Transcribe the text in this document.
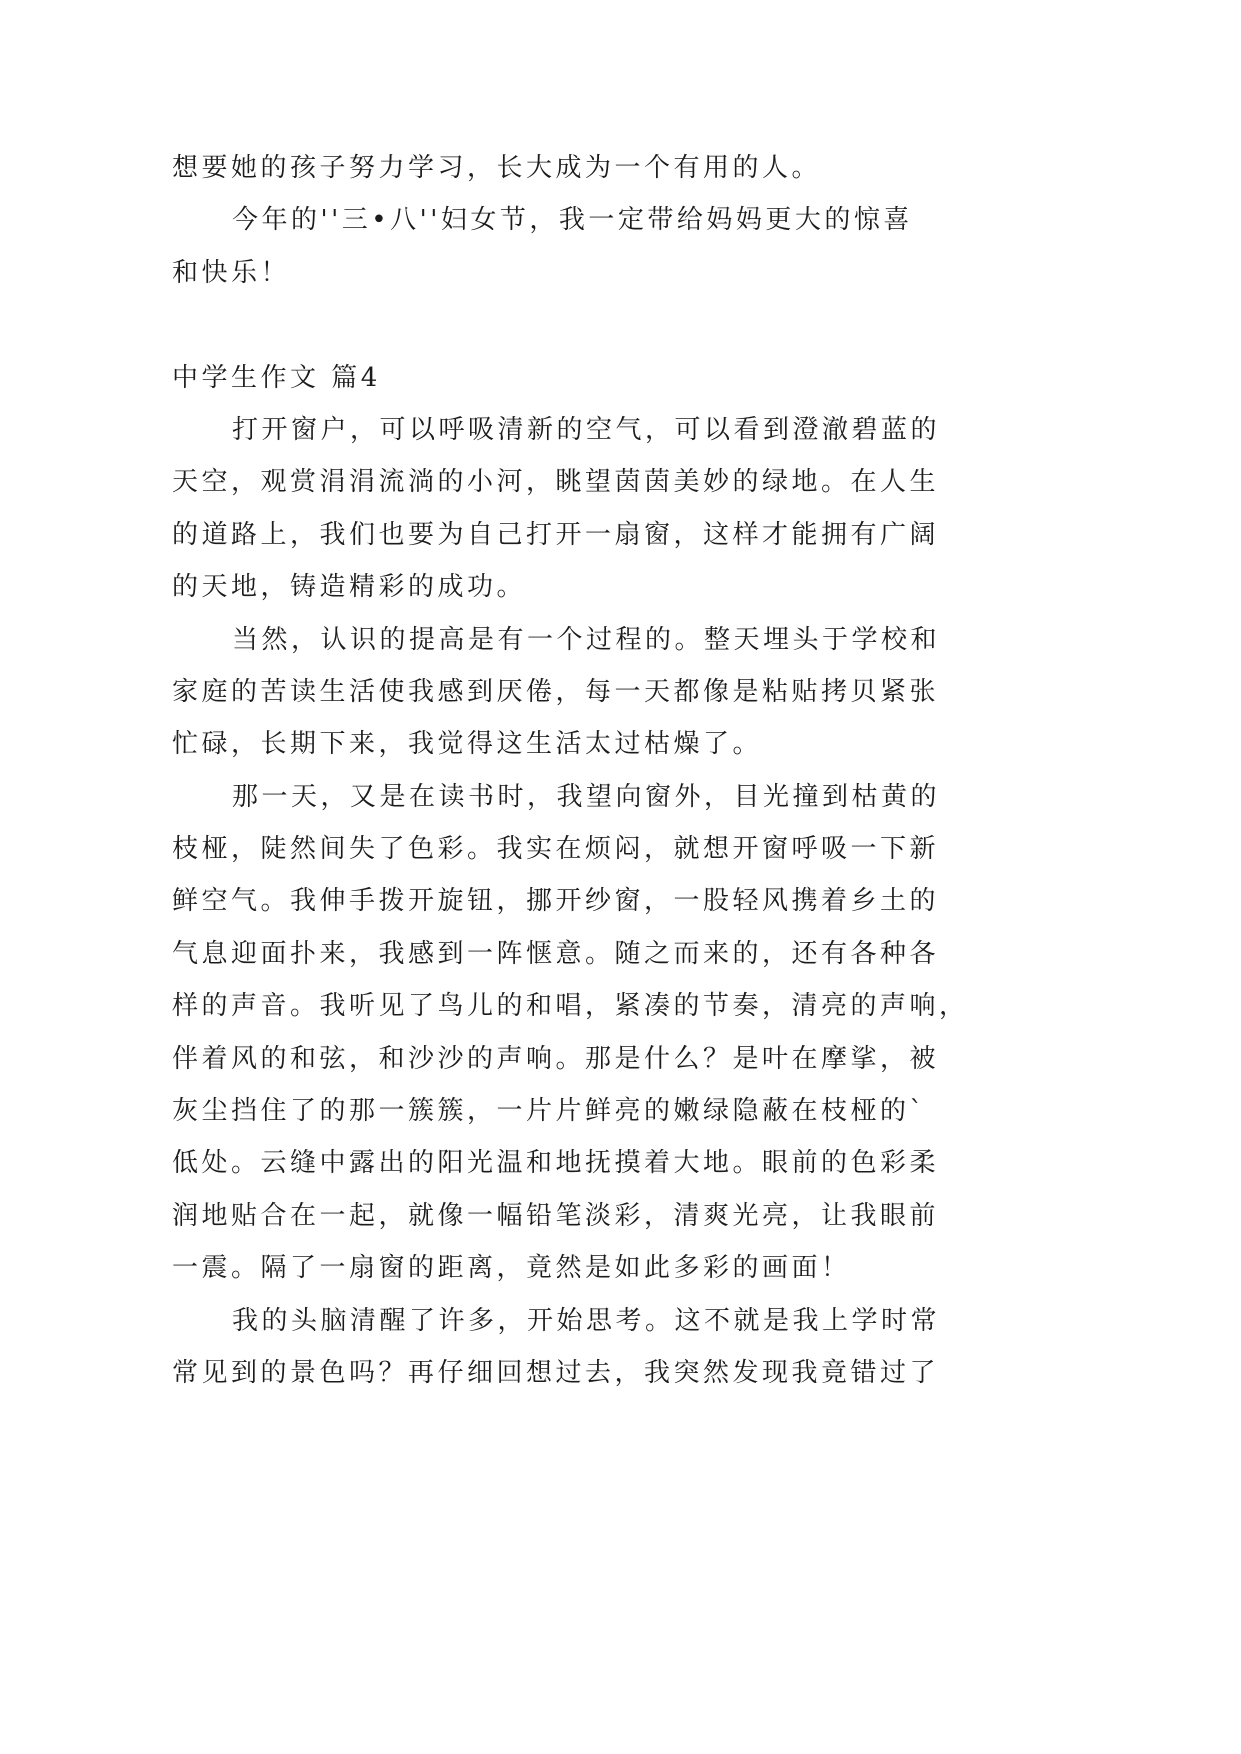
想要她的孩子努力学习，长大成为一个有用的人。
今年的''三•八''妇女节，我一定带给妈妈更大的惊喜
和快乐！
中学生作文 篇4
打开窗户，可以呼吸清新的空气，可以看到澄澈碧蓝的
天空，观赏涓涓流淌的小河，眺望茵茵美妙的绿地。在人生
的道路上，我们也要为自己打开一扇窗，这样才能拥有广阔
的天地，铸造精彩的成功。
当然，认识的提高是有一个过程的。整天埋头于学校和
家庭的苦读生活使我感到厌倦，每一天都像是粘贴拷贝紧张
忙碌，长期下来，我觉得这生活太过枯燥了。
那一天，又是在读书时，我望向窗外，目光撞到枯黄的
枝桠，陡然间失了色彩。我实在烦闷，就想开窗呼吸一下新
鲜空气。我伸手拨开旋钮，挪开纱窗，一股轻风携着乡土的
气息迎面扑来，我感到一阵惬意。随之而来的，还有各种各
样的声音。我听见了鸟儿的和唱，紧凑的节奏，清亮的声响，
伴着风的和弦，和沙沙的声响。那是什么？是叶在摩挲，被
灰尘挡住了的那一簇簇，一片片鲜亮的嫩绿隐蔽在枝桠的`
低处。云缝中露出的阳光温和地抚摸着大地。眼前的色彩柔
润地贴合在一起，就像一幅铅笔淡彩，清爽光亮，让我眼前
一震。隔了一扇窗的距离，竟然是如此多彩的画面！
我的头脑清醒了许多，开始思考。这不就是我上学时常
常见到的景色吗？再仔细回想过去，我突然发现我竟错过了
